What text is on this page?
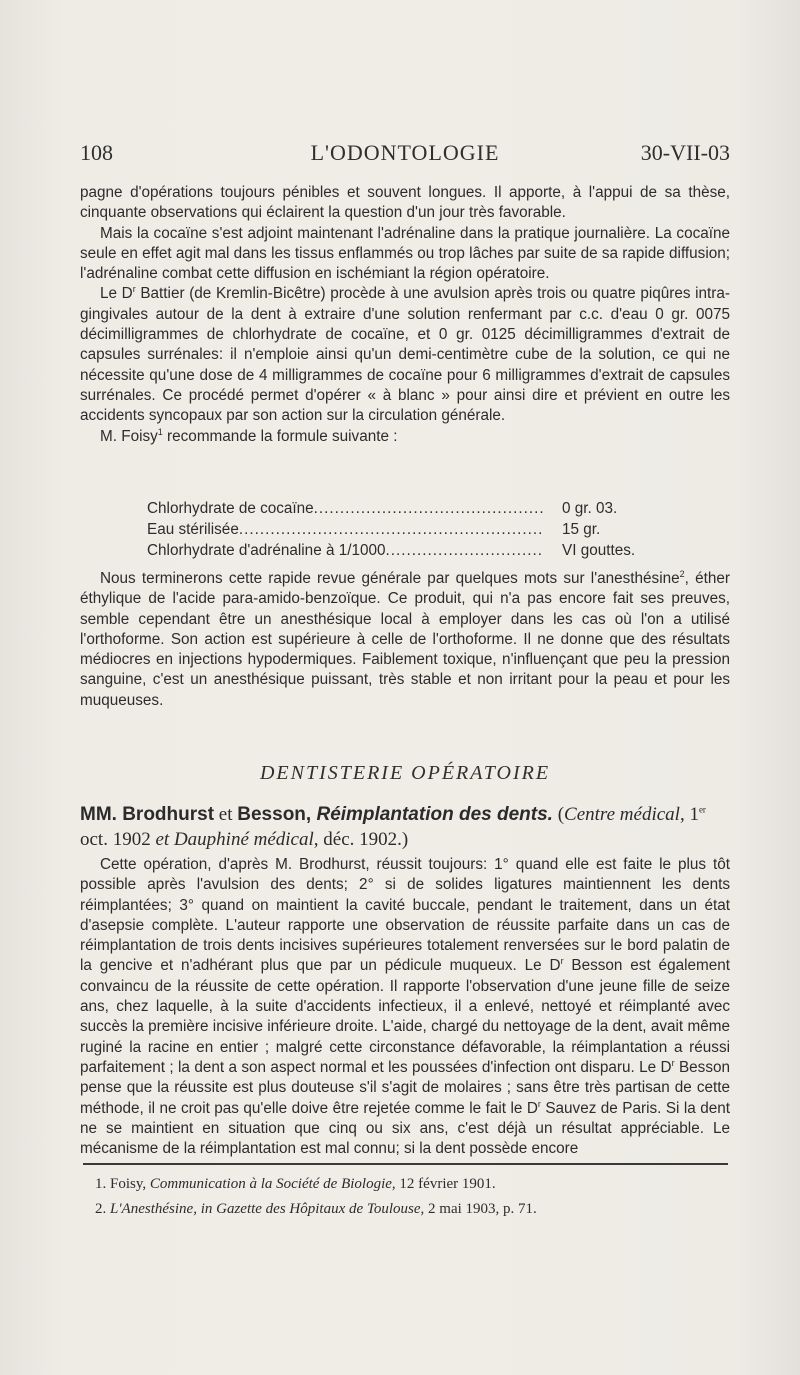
108	L'ODONTOLOGIE	30-VII-03

pagne d'opérations toujours pénibles et souvent longues. Il apporte, à l'appui de sa thèse, cinquante observations qui éclairent la question d'un jour très favorable.

Mais la cocaïne s'est adjoint maintenant l'adrénaline dans la pratique journalière. La cocaïne seule en effet agit mal dans les tissus enflammés ou trop lâches par suite de sa rapide diffusion; l'adrénaline combat cette diffusion en ischémiant la région opératoire.

Le $D^r$ Battier (de Kremlin-Bicêtre) procède à une avulsion après trois ou quatre piqûres intra-gingivales autour de la dent à extraire d'une solution renfermant par c.c. d'eau 0 gr. 0075 décimilligrammes de chlorhydrate de cocaïne, et 0 gr. 0125 décimilligrammes d'extrait de capsules surrénales: il n'emploie ainsi qu'un demi-centimètre cube de la solution, ce qui ne nécessite qu'une dose de 4 milligrammes de cocaïne pour 6 milligrammes d'extrait de capsules surrénales. Ce procédé permet d'opérer « à blanc » pour ainsi dire et prévient en outre les accidents syncopaux par son action sur la circulation générale.

M. Foisy$^1$ recommande la formule suivante :

Chlorhydrate de cocaïne .....	0 gr. 03.
Eau stérilisée .....	15 gr.
Chlorhydrate d'adrénaline à 1/1000 .....	VI gouttes.

Nous terminerons cette rapide revue générale par quelques mots sur l'anesthésine$^2$, éther éthylique de l'acide para-amido-benzoïque. Ce produit, qui n'a pas encore fait ses preuves, semble cependant être un anesthésique local à employer dans les cas où l'on a utilisé l'orthoforme. Son action est supérieure à celle de l'orthoforme. Il ne donne que des résultats médiocres en injections hypodermiques. Faiblement toxique, n'influençant que peu la pression sanguine, c'est un anesthésique puissant, très stable et non irritant pour la peau et pour les muqueuses.

DENTISTERIE OPÉRATOIRE
MM. Brodhurst et Besson, Réimplantation des dents. (Centre médical, 1er oct. 1902 et Dauphiné médical, déc. 1902.)

Cette opération, d'après M. Brodhurst, réussit toujours: 1° quand elle est faite le plus tôt possible après l'avulsion des dents; 2° si de solides ligatures maintiennent les dents réimplantées; 3° quand on maintient la cavité buccale, pendant le traitement, dans un état d'asepsie complète. L'auteur rapporte une observation de réussite parfaite dans un cas de réimplantation de trois dents incisives supérieures totalement renversées sur le bord palatin de la gencive et n'adhérant plus que par un pédicule muqueux. Le $D^r$ Besson est également convaincu de la réussite de cette opération. Il rapporte l'observation d'une jeune fille de seize ans, chez laquelle, à la suite d'accidents infectieux, il a enlevé, nettoyé et réimplanté avec succès la première incisive inférieure droite. L'aide, chargé du nettoyage de la dent, avait même ruginé la racine en entier ; malgré cette circonstance défavorable, la réimplantation a réussi parfaitement ; la dent a son aspect normal et les poussées d'infection ont disparu. Le $D^r$ Besson pense que la réussite est plus douteuse s'il s'agit de molaires ; sans être très partisan de cette méthode, il ne croit pas qu'elle doive être rejetée comme le fait le $D^r$ Sauvez de Paris. Si la dent ne se maintient en situation que cinq ou six ans, c'est déjà un résultat appréciable. Le mécanisme de la réimplantation est mal connu; si la dent possède encore

1. Foisy, Communication à la Société de Biologie, 12 février 1901.
2. L'Anesthésine, in Gazette des Hôpitaux de Toulouse, 2 mai 1903, p. 71.
